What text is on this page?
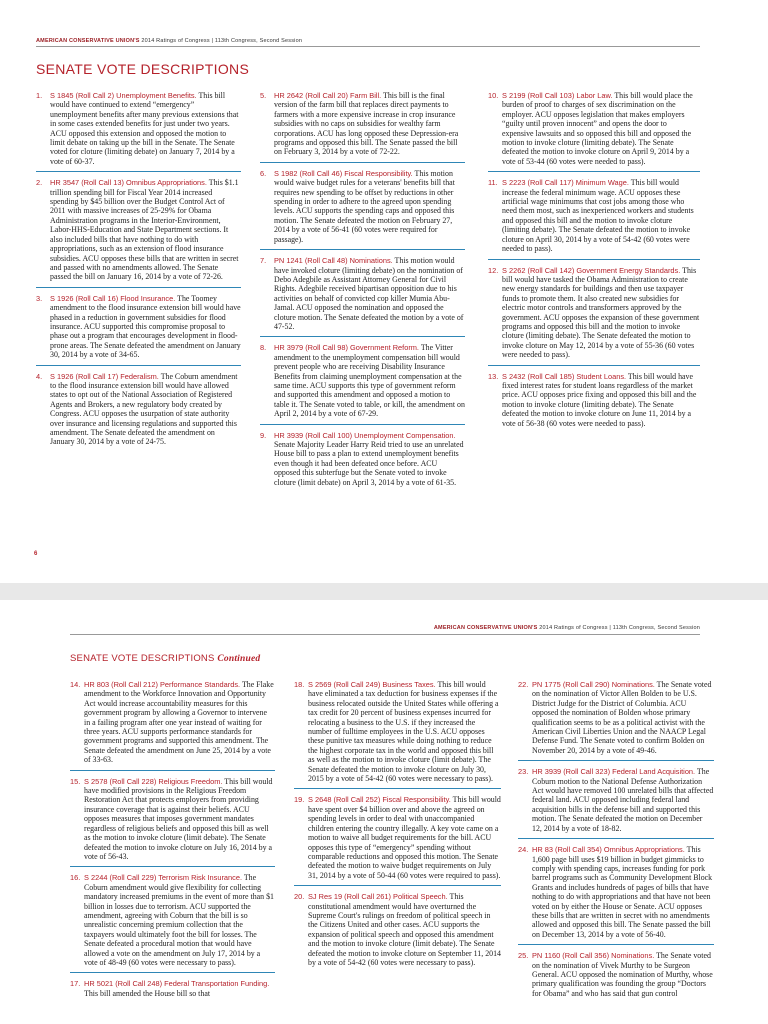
AMERICAN CONSERVATIVE UNION'S 2014 Ratings of Congress | 113th Congress, Second Session
SENATE VOTE DESCRIPTIONS
1. S 1845 (Roll Call 2) Unemployment Benefits. This bill would have continued to extend “emergency” unemployment benefits after many previous extensions that in some cases extended benefits for just under two years. ACU opposed this extension and opposed the motion to limit debate on taking up the bill in the Senate. The Senate voted for cloture (limiting debate) on January 7, 2014 by a vote of 60-37.
2. HR 3547 (Roll Call 13) Omnibus Appropriations. This $1.1 trillion spending bill for Fiscal Year 2014 increased spending by $45 billion over the Budget Control Act of 2011 with massive increases of 25-29% for Obama Administration programs in the Interior-Environment, Labor-HHS-Education and State Department sections. It also included bills that have nothing to do with appropriations, such as an extension of flood insurance subsidies. ACU opposes these bills that are written in secret and passed with no amendments allowed. The Senate passed the bill on January 16, 2014 by a vote of 72-26.
3. S 1926 (Roll Call 16) Flood Insurance. The Toomey amendment to the flood insurance extension bill would have phased in a reduction in government subsidies for flood insurance. ACU supported this compromise proposal to phase out a program that encourages development in flood-prone areas. The Senate defeated the amendment on January 30, 2014 by a vote of 34-65.
4. S 1926 (Roll Call 17) Federalism. The Coburn amendment to the flood insurance extension bill would have allowed states to opt out of the National Association of Registered Agents and Brokers, a new regulatory body created by Congress. ACU opposes the usurpation of state authority over insurance and licensing regulations and supported this amendment. The Senate defeated the amendment on January 30, 2014 by a vote of 24-75.
5. HR 2642 (Roll Call 20) Farm Bill. This bill is the final version of the farm bill that replaces direct payments to farmers with a more expensive increase in crop insurance subsidies with no caps on subsidies for wealthy farm corporations. ACU has long opposed these Depression-era programs and opposed this bill. The Senate passed the bill on February 3, 2014 by a vote of 72-22.
6. S 1982 (Roll Call 46) Fiscal Responsibility. This motion would waive budget rules for a veterans' benefits bill that requires new spending to be offset by reductions in other spending in order to adhere to the agreed upon spending levels. ACU supports the spending caps and opposed this motion. The Senate defeated the motion on February 27, 2014 by a vote of 56-41 (60 votes were required for passage).
7. PN 1241 (Roll Call 48) Nominations. This motion would have invoked cloture (limiting debate) on the nomination of Debo Adegbile as Assistant Attorney General for Civil Rights. Adegbile received bipartisan opposition due to his activities on behalf of convicted cop killer Mumia Abu-Jamal. ACU opposed the nomination and opposed the cloture motion. The Senate defeated the motion by a vote of 47-52.
8. HR 3979 (Roll Call 98) Government Reform. The Vitter amendment to the unemployment compensation bill would prevent people who are receiving Disability Insurance Benefits from claiming unemployment compensation at the same time. ACU supports this type of government reform and supported this amendment and opposed a motion to table it. The Senate voted to table, or kill, the amendment on April 2, 2014 by a vote of 67-29.
9. HR 3939 (Roll Call 100) Unemployment Compensation. Senate Majority Leader Harry Reid tried to use an unrelated House bill to pass a plan to extend unemployment benefits even though it had been defeated once before. ACU opposed this subterfuge but the Senate voted to invoke cloture (limit debate) on April 3, 2014 by a vote of 61-35.
10. S 2199 (Roll Call 103) Labor Law. This bill would place the burden of proof to charges of sex discrimination on the employer. ACU opposes legislation that makes employers “guilty until proven innocent” and opens the door to expensive lawsuits and so opposed this bill and opposed the motion to invoke cloture (limiting debate). The Senate defeated the motion to invoke cloture on April 9, 2014 by a vote of 53-44 (60 votes were needed to pass).
11. S 2223 (Roll Call 117) Minimum Wage. This bill would increase the federal minimum wage. ACU opposes these artificial wage minimums that cost jobs among those who need them most, such as inexperienced workers and students and opposed this bill and the motion to invoke cloture (limiting debate). The Senate defeated the motion to invoke cloture on April 30, 2014 by a vote of 54-42 (60 votes were needed to pass).
12. S 2262 (Roll Call 142) Government Energy Standards. This bill would have tasked the Obama Administration to create new energy standards for buildings and then use taxpayer funds to promote them. It also created new subsidies for electric motor controls and transformers approved by the government. ACU opposes the expansion of these government programs and opposed this bill and the motion to invoke cloture (limiting debate). The Senate defeated the motion to invoke cloture on May 12, 2014 by a vote of 55-36 (60 votes were needed to pass).
13. S 2432 (Roll Call 185) Student Loans. This bill would have fixed interest rates for student loans regardless of the market price. ACU opposes price fixing and opposed this bill and the motion to invoke cloture (limiting debate). The Senate defeated the motion to invoke cloture on June 11, 2014 by a vote of 56-38 (60 votes were needed to pass).
6
AMERICAN CONSERVATIVE UNION'S 2014 Ratings of Congress | 113th Congress, Second Session
SENATE VOTE DESCRIPTIONS Continued
14. HR 803 (Roll Call 212) Performance Standards. The Flake amendment to the Workforce Innovation and Opportunity Act would increase accountability measures for this government program by allowing a Governor to intervene in a failing program after one year instead of waiting for three years. ACU supports performance standards for government programs and supported this amendment. The Senate defeated the amendment on June 25, 2014 by a vote of 33-63.
15. S 2578 (Roll Call 228) Religious Freedom. This bill would have modified provisions in the Religious Freedom Restoration Act that protects employers from providing insurance coverage that is against their beliefs. ACU opposes measures that imposes government mandates regardless of religious beliefs and opposed this bill as well as the motion to invoke cloture (limit debate). The Senate defeated the motion to invoke cloture on July 16, 2014 by a vote of 56-43.
16. S 2244 (Roll Call 229) Terrorism Risk Insurance. The Coburn amendment would give flexibility for collecting mandatory increased premiums in the event of more than $1 billion in losses due to terrorism. ACU supported the amendment, agreeing with Coburn that the bill is so unrealistic concerning premium collection that the taxpayers would ultimately foot the bill for losses. The Senate defeated a procedural motion that would have allowed a vote on the amendment on July 17, 2014 by a vote of 48-49 (60 votes were necessary to pass).
17. HR 5021 (Roll Call 248) Federal Transportation Funding. This bill amended the House bill so that
18. S 2569 (Roll Call 249) Business Taxes. This bill would have eliminated a tax deduction for business expenses if the business relocated outside the United States while offering a tax credit for 20 percent of business expenses incurred for relocating a business to the U.S. if they increased the number of fulltime employees in the U.S. ACU opposes these punitive tax measures while doing nothing to reduce the highest corporate tax in the world and opposed this bill as well as the motion to invoke cloture (limit debate). The Senate defeated the motion to invoke cloture on July 30, 2015 by a vote of 54-42 (60 votes were necessary to pass).
19. S 2648 (Roll Call 252) Fiscal Responsibility. This bill would have spent over $4 billion over and above the agreed on spending levels in order to deal with unaccompanied children entering the country illegally. A key vote came on a motion to waive all budget requirements for the bill. ACU opposes this type of “emergency” spending without comparable reductions and opposed this motion. The Senate defeated the motion to waive budget requirements on July 31, 2014 by a vote of 50-44 (60 votes were required to pass).
20. SJ Res 19 (Roll Call 261) Political Speech. This constitutional amendment would have overturned the Supreme Court's rulings on freedom of political speech in the Citizens United and other cases. ACU supports the expansion of political speech and opposed this amendment and the motion to invoke cloture (limit debate). The Senate defeated the motion to invoke cloture on September 11, 2014 by a vote of 54-42 (60 votes were necessary to pass).
22. PN 1775 (Roll Call 290) Nominations. The Senate voted on the nomination of Victor Allen Bolden to be U.S. District Judge for the District of Columbia. ACU opposed the nomination of Bolden whose primary qualification seems to be as a political activist with the American Civil Liberties Union and the NAACP Legal Defense Fund. The Senate voted to confirm Bolden on November 20, 2014 by a vote of 49-46.
23. HR 3939 (Roll Call 323) Federal Land Acquisition. The Coburn motion to the National Defense Authorization Act would have removed 100 unrelated bills that affected federal land. ACU opposed including federal land acquisition bills in the defense bill and supported this motion. The Senate defeated the motion on December 12, 2014 by a vote of 18-82.
24. HR 83 (Roll Call 354) Omnibus Appropriations. This 1,600 page bill uses $19 billion in budget gimmicks to comply with spending caps, increases funding for pork barrel programs such as Community Development Block Grants and includes hundreds of pages of bills that have nothing to do with appropriations and that have not been voted on by either the House or Senate. ACU opposes these bills that are written in secret with no amendments allowed and opposed this bill. The Senate passed the bill on December 13, 2014 by a vote of 56-40.
25. PN 1160 (Roll Call 356) Nominations. The Senate voted on the nomination of Vivek Murthy to be Surgeon General. ACU opposed the nomination of Murthy, whose primary qualification was founding the group “Doctors for Obama” and who has said that gun control
